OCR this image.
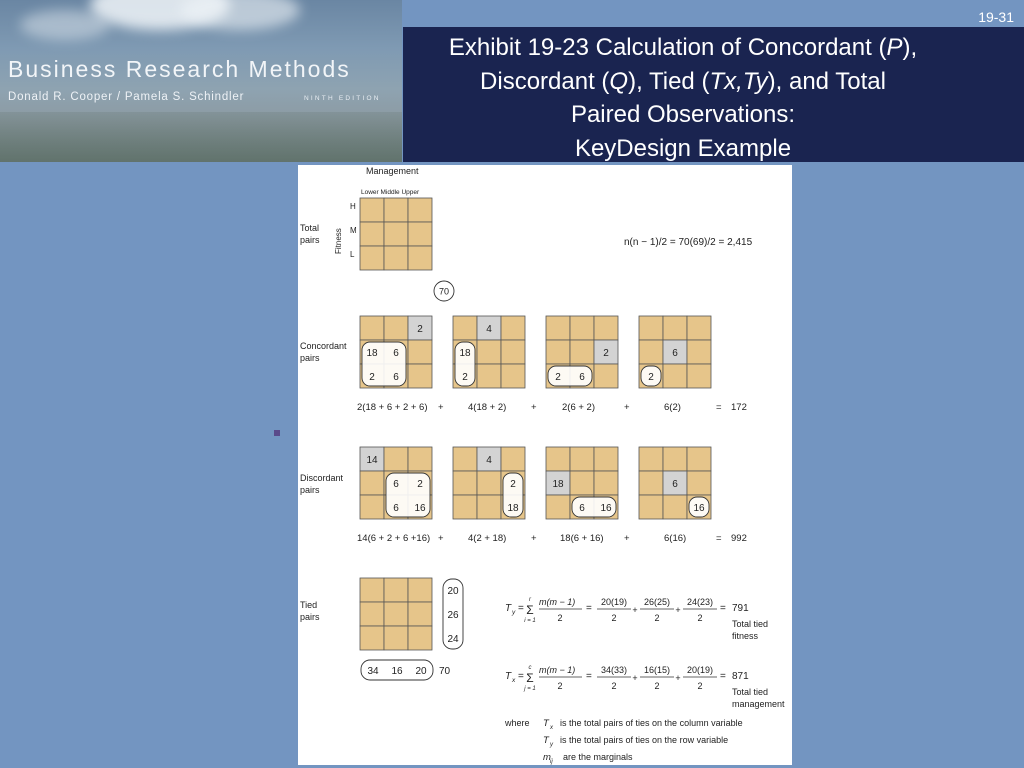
Business Research Methods
Donald R. Cooper / Pamela S. Schindler	NINTH EDITION
19-31
Exhibit 19-23 Calculation of Concordant (P),
Discordant (Q), Tied (Tx,Ty), and Total
Paired Observations:
KeyDesign Example
Management
Lower Middle Upper
Fitness
H
M
L
Total
pairs	n(n − 1)/2 = 70(69)/2 = 2,415
70
Concordant
pairs
2
18 6
2 6
4
18
2
2
2 6
6
2
2(18 + 6 + 2 + 6) +	4(18 + 2)	+	2(6 + 2)	+	6(2)	= 172
Discordant
pairs
14
6 2
6 16
4
2
18
18
6 16
6
16
14(6 + 2 + 6 +16) +	4(2 + 18)	+ 18(6 + 16) +	6(16)	= 992
Tied
pairs
20
26
24
34 16 20 70
T y =
r
Σ
i = 1
m(m − 1)
2
=
20(19)
2
+
26(25)
2
+
24(23)
2
= 791
Total tied
fitness
T x =
c
Σ
j = 1
m(m − 1)
2
=
34(33)
2
+
16(15)
2
+
20(19)
2
= 871
Total tied
management
where T x is the total pairs of ties on the column variable
T y is the total pairs of ties on the row variable
m ij are the marginals
